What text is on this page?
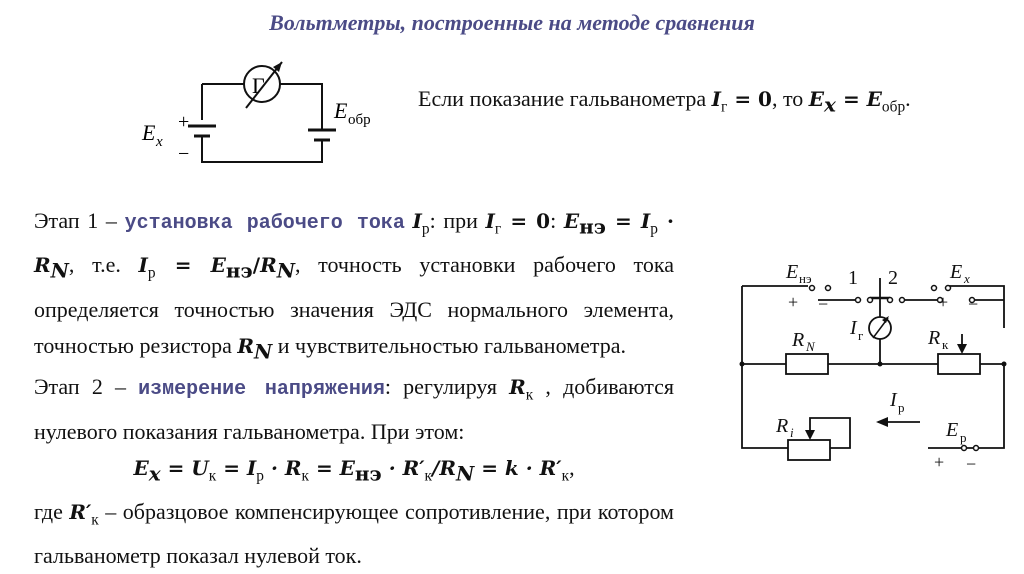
Вольтметры, построенные на методе сравнения
Г
+
−
E x
E обр
Если показание гальванометра $I_г = 0$, то $E_x = E_{обр}$.

Этап 1 – установка рабочего тока $I_р$: при $I_г = 0$: $E_{нэ} = I_р \cdot R_N$, т.е. $I_р = E_{нэ}/R_N$, точность установки рабочего тока определяется точностью значения ЭДС нормального элемента, точностью резистора $R_N$ и чувствительностью гальванометра.

Этап 2 – измерение напряжения: регулируя $R_к$ , добиваются нулевого показания гальванометра. При этом:

$E_x = U_к = I_р \cdot R_к = E_{нэ} \cdot R'_к/R_N = k \cdot R'_к$,

где $R'_к$ – образцовое компенсирующее сопротивление, при котором гальванометр показал нулевой ток.

E нэ
+ −
1 2	E x
+ −
R N
I г	R к
I р
R i	E р
+ −
